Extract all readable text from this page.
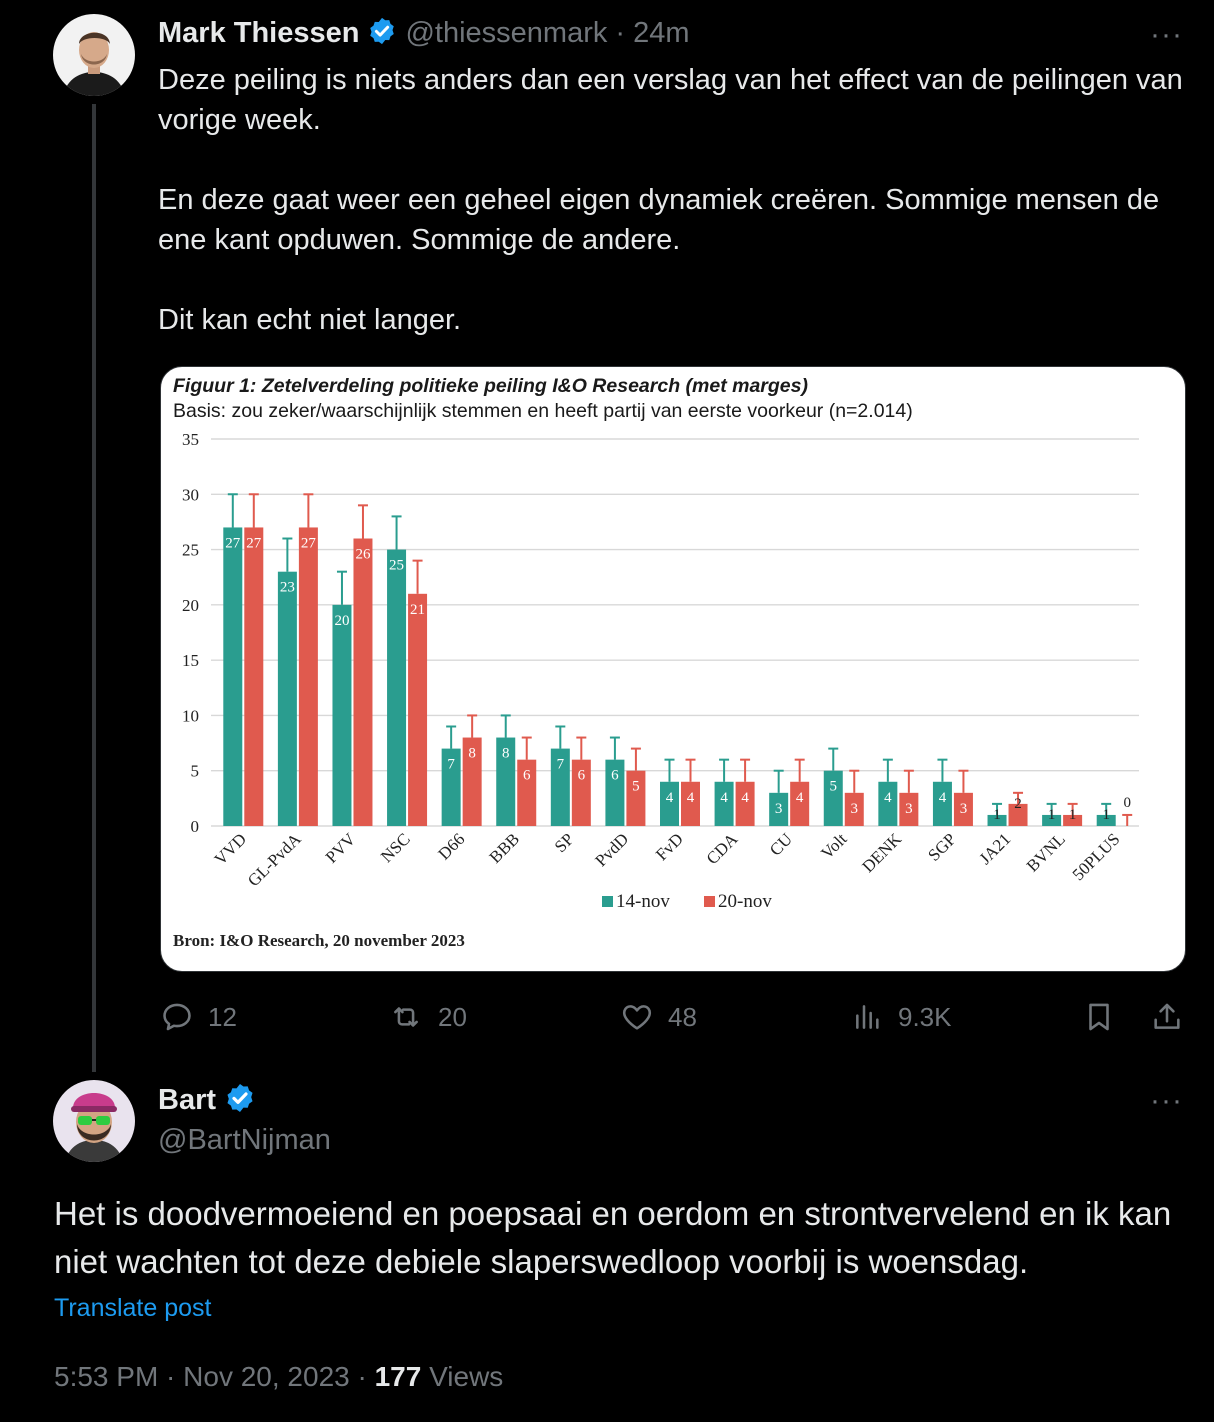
Mark Thiessen @thiessenmark · 24m	···
Deze peiling is niets anders dan een verslag van het effect van de peilingen van vorige week.

En deze gaat weer een geheel eigen dynamiek creëren. Sommige mensen de ene kant opduwen. Sommige de andere.

Dit kan echt niet langer.
Figuur 1: Zetelverdeling politieke peiling I&O Research (met marges)
Basis: zou zeker/waarschijnlijk stemmen en heeft partij van eerste voorkeur (n=2.014)
0
5
10
15
20
25
30
35
27 27
VVD
23
27
GL-PvdA
20
26
PVV
25
21
NSC
7
8
D66
8
6
BBB
7
6
SP
6
5
PvdD
4 4
FvD
4 4
CDA
3
4
CU
5
3
Volt
4
3
DENK
4
3
SGP
1
2
JA21
1 1
BVNL
1
0
50PLUS
14-nov	20-nov
Bron: I&O Research, 20 november 2023
12	20	48	9.3K
Bart
@BartNijman
···
Het is doodvermoeiend en poepsaai en oerdom en strontvervelend en ik kan niet wachten tot deze debiele slaperswedloop voorbij is woensdag.
Translate post
5:53 PM · Nov 20, 2023 · 177 Views
